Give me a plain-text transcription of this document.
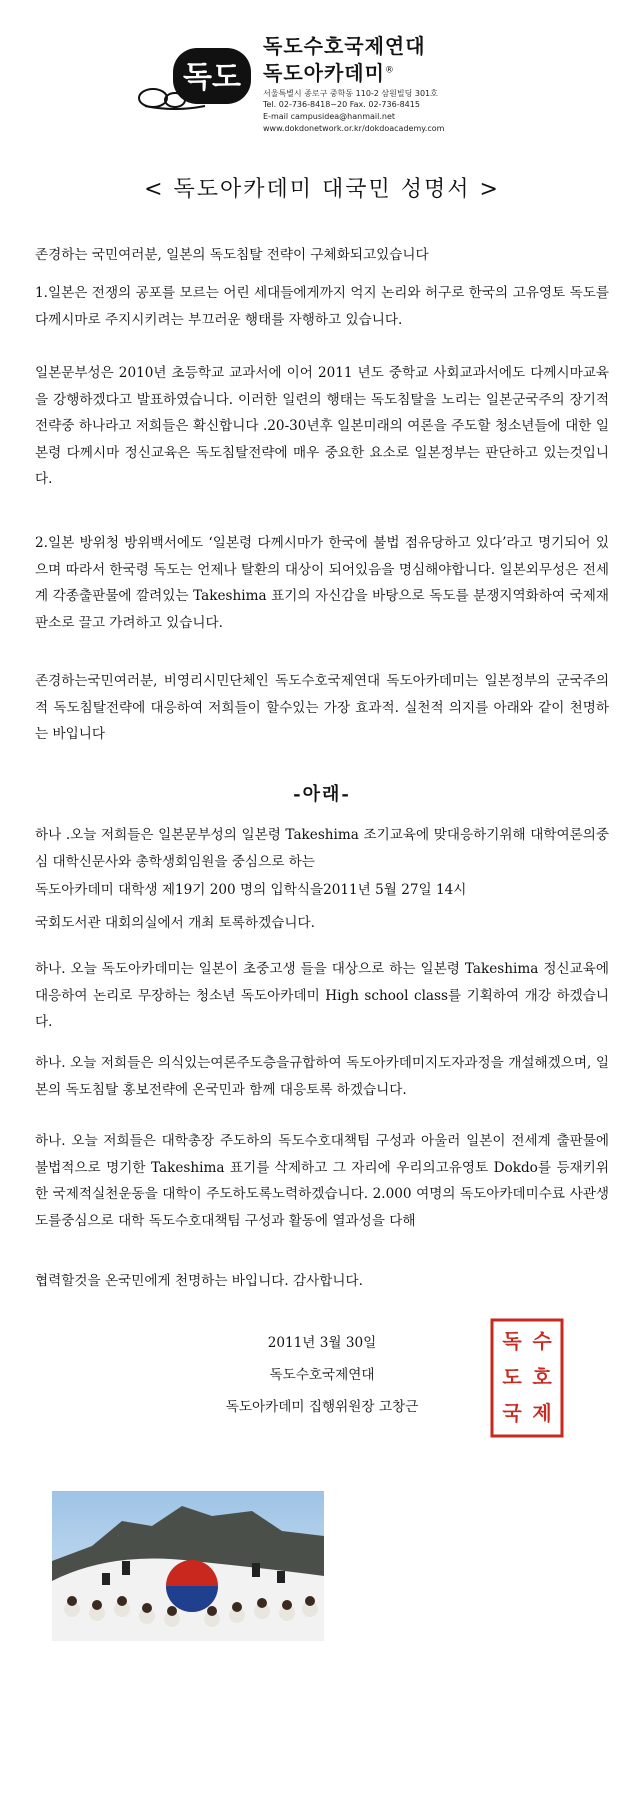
독도
독도수호국제연대
독도아카데미®
서울특별시 종로구 중학동 110-2 삼원빌딩 301호
Tel. 02-736-8418~20 Fax. 02-736-8415
E-mail campusidea@hanmail.net
www.dokdonetwork.or.kr/dokdoacademy.com
< 독도아카데미 대국민 성명서 >

존경하는 국민여러분, 일본의 독도침탈 전략이 구체화되고있습니다

1.일본은 전쟁의 공포를 모르는 어린 세대들에게까지 억지 논리와 허구로 한국의 고유영토 독도를 다께시마로 주지시키려는 부끄러운 행태를 자행하고 있습니다.

일본문부성은 2010년 초등학교 교과서에 이어 2011 년도 중학교 사회교과서에도 다께시마교육을 강행하겠다고 발표하였습니다. 이러한 일련의 행태는 독도침탈을 노리는 일본군국주의 장기적 전략중 하나라고 저희들은 확신합니다 .20-30년후 일본미래의 여론을 주도할 청소년들에 대한 일본령 다께시마 정신교육은 독도침탈전략에 매우 중요한 요소로 일본정부는 판단하고 있는것입니다.

2.일본 방위청 방위백서에도 ‘일본령 다께시마가 한국에 불법 점유당하고 있다’라고 명기되어 있으며 따라서 한국령 독도는 언제나 탈환의 대상이 되어있음을 명심해야합니다. 일본외무성은 전세계 각종출판물에 깔려있는 Takeshima 표기의 자신감을 바탕으로 독도를 분쟁지역화하여 국제재판소로 끌고 가려하고 있습니다.

존경하는국민여러분, 비영리시민단체인 독도수호국제연대 독도아카데미는 일본정부의 군국주의적 독도침탈전략에 대응하여 저희들이 할수있는 가장 효과적. 실천적 의지를 아래와 같이 천명하는 바입니다

-아래-

하나 .오늘 저희들은 일본문부성의 일본령 Takeshima 조기교육에 맞대응하기위해 대학여론의중심 대학신문사와 총학생회임원을 중심으로 하는

독도아카데미 대학생 제19기 200 명의 입학식을2011년 5월 27일 14시

국회도서관 대회의실에서 개최 토록하겠습니다.

하나. 오늘 독도아카데미는 일본이 초중고생 들을 대상으로 하는 일본령 Takeshima 정신교육에 대응하여 논리로 무장하는 청소년 독도아카데미 High school class를 기획하여 개강 하겠습니다.

하나. 오늘 저희들은 의식있는여론주도층을규합하여 독도아카데미지도자과정을 개설해겠으며, 일본의 독도침탈 홍보전략에 온국민과 함께 대응토록 하겠습니다.

하나. 오늘 저희들은 대학총장 주도하의 독도수호대책팀 구성과 아울러 일본이 전세계 출판물에 불법적으로 명기한 Takeshima 표기를 삭제하고 그 자리에 우리의고유영토 Dokdo를 등재키위한 국제적실천운동을 대학이 주도하도록노력하겠습니다. 2.000 여명의 독도아카데미수료 사관생도를중심으로 대학 독도수호대책팀 구성과 활동에 열과성을 다해

협력할것을 온국민에게 천명하는 바입니다. 감사합니다.

2011년 3월 30일
독도수호국제연대
독도아카데미 집행위원장 고창근
독 수
도 호
국 제
